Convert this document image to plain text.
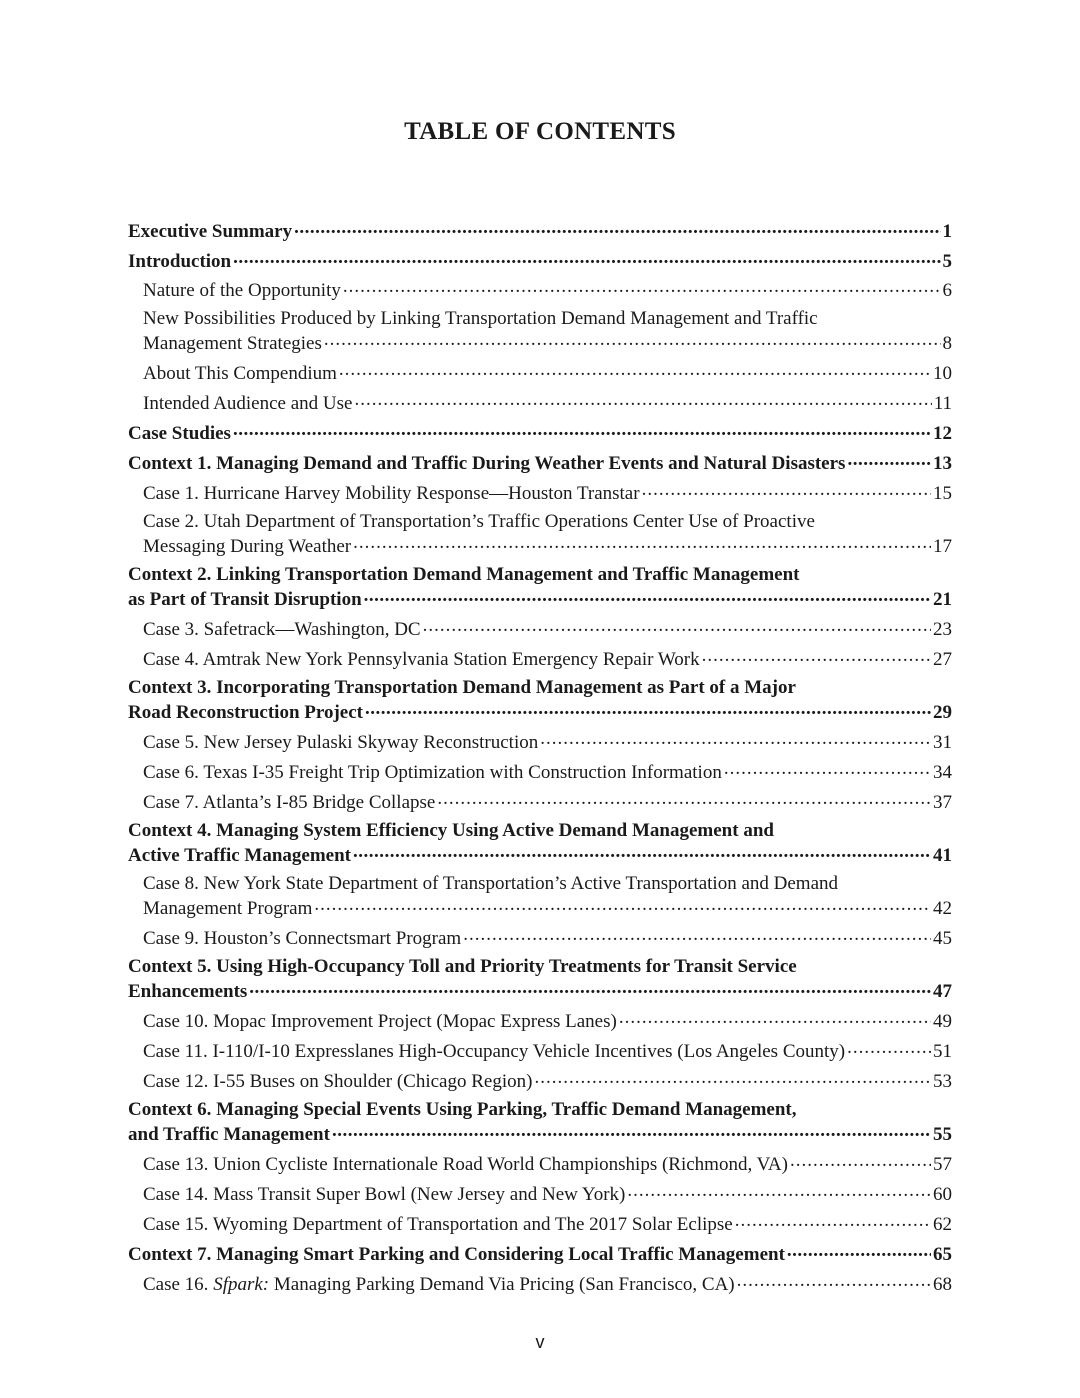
TABLE OF CONTENTS
Executive Summary .....	1
Introduction .....	5
Nature of the Opportunity .....	6
New Possibilities Produced by Linking Transportation Demand Management and Traffic
Management Strategies .....	8
About This Compendium .....	10
Intended Audience and Use .....	11
Case Studies .....	12
Context 1. Managing Demand and Traffic During Weather Events and Natural Disasters .....	13
Case 1. Hurricane Harvey Mobility Response—Houston Transtar .....	15
Case 2. Utah Department of Transportation’s Traffic Operations Center Use of Proactive
Messaging During Weather .....	17
Context 2. Linking Transportation Demand Management and Traffic Management
as Part of Transit Disruption .....	21
Case 3. Safetrack—Washington, DC .....	23
Case 4. Amtrak New York Pennsylvania Station Emergency Repair Work .....	27
Context 3. Incorporating Transportation Demand Management as Part of a Major
Road Reconstruction Project .....	29
Case 5. New Jersey Pulaski Skyway Reconstruction .....	31
Case 6. Texas I-35 Freight Trip Optimization with Construction Information .....	34
Case 7. Atlanta’s I-85 Bridge Collapse .....	37
Context 4. Managing System Efficiency Using Active Demand Management and
Active Traffic Management .....	41
Case 8. New York State Department of Transportation’s Active Transportation and Demand
Management Program .....	42
Case 9. Houston’s Connectsmart Program .....	45
Context 5. Using High-Occupancy Toll and Priority Treatments for Transit Service
Enhancements .....	47
Case 10. Mopac Improvement Project (Mopac Express Lanes) .....	49
Case 11. I-110/I-10 Expresslanes High-Occupancy Vehicle Incentives (Los Angeles County) .....	51
Case 12. I-55 Buses on Shoulder (Chicago Region) .....	53
Context 6. Managing Special Events Using Parking, Traffic Demand Management,
and Traffic Management .....	55
Case 13. Union Cycliste Internationale Road World Championships (Richmond, VA) .....	57
Case 14. Mass Transit Super Bowl (New Jersey and New York) .....	60
Case 15. Wyoming Department of Transportation and The 2017 Solar Eclipse .....	62
Context 7. Managing Smart Parking and Considering Local Traffic Management .....	65
Case 16. Sfpark: Managing Parking Demand Via Pricing (San Francisco, CA) .....	68
v
